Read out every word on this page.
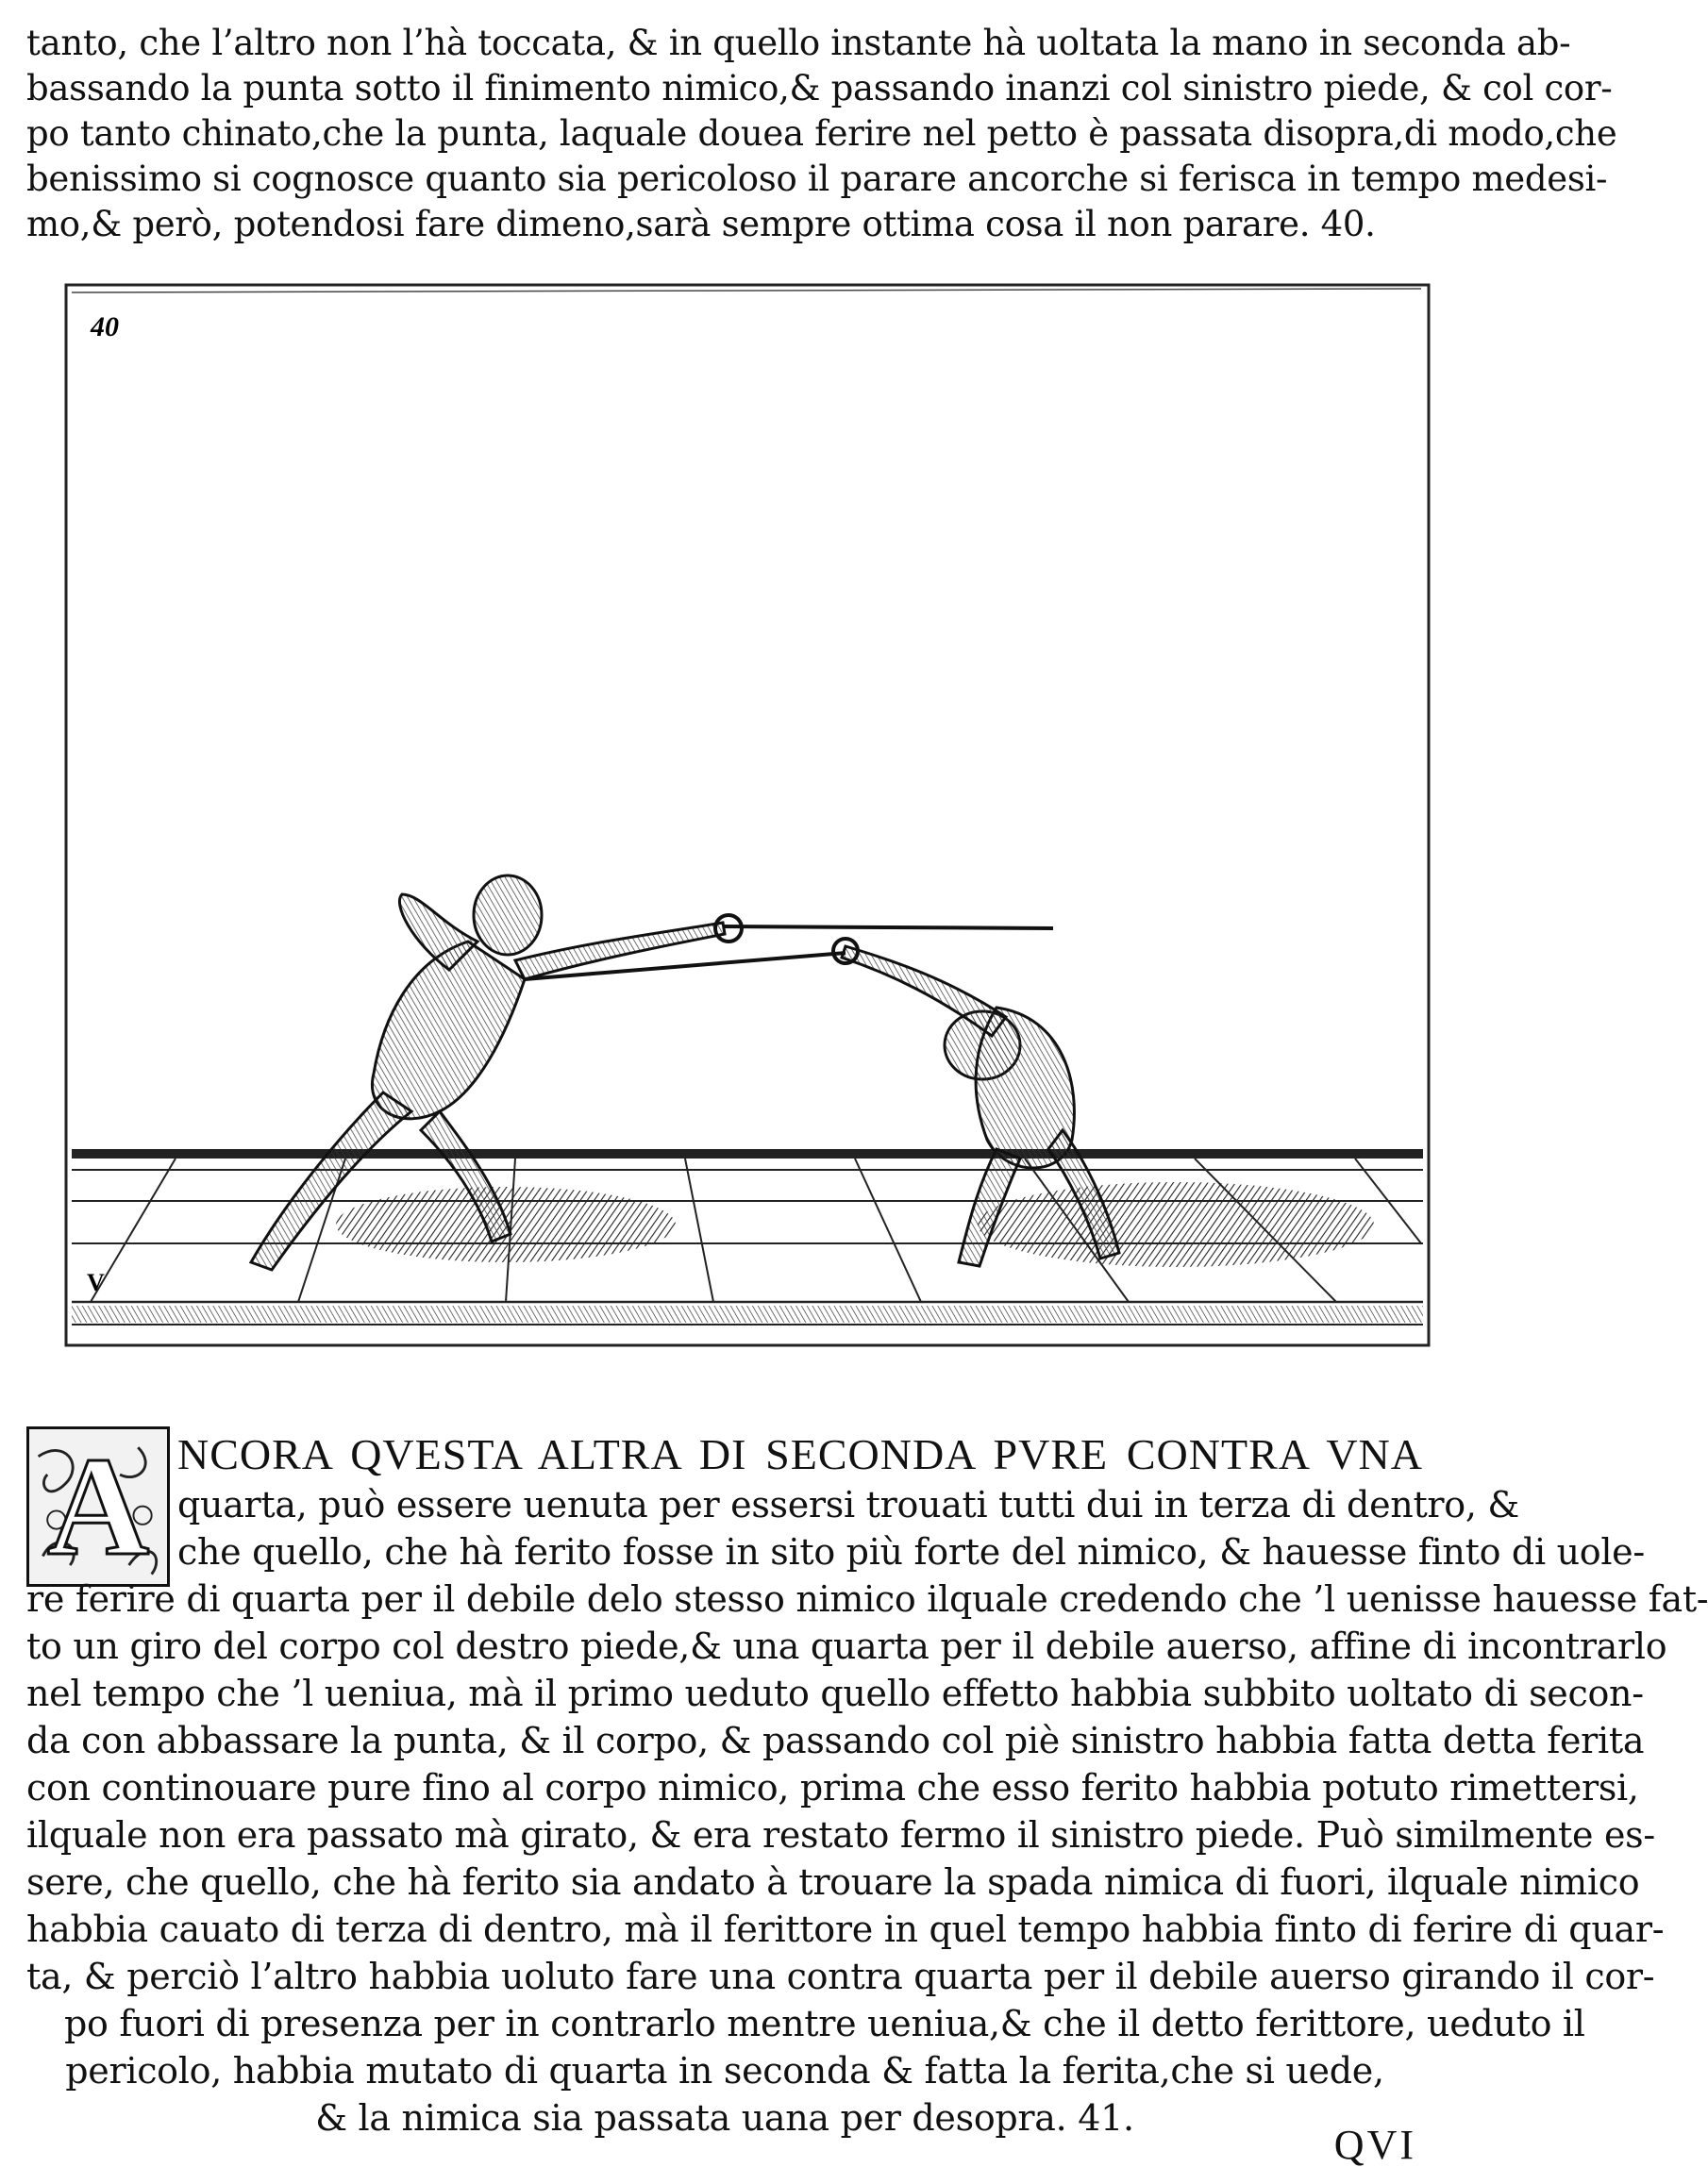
tanto, che l’altro non l’hà toccata, & in quello instante hà uoltata la mano in seconda ab-
bassando la punta sotto il finimento nimico,& passando inanzi col sinistro piede, & col cor-
po tanto chinato,che la punta, laquale douea ferire nel petto è passata disopra,di modo,che
benissimo si cognosce quanto sia pericoloso il parare ancorche si ferisca in tempo medesi-
mo,& però, potendosi fare dimeno,sarà sempre ottima cosa il non parare. 40.
40
V
A NCORA QVESTA ALTRA DI SECONDA PVRE CONTRA VNA
quarta, può essere uenuta per essersi trouati tutti dui in terza di dentro, &
che quello, che hà ferito fosse in sito più forte del nimico, & hauesse finto di uole-
re ferire di quarta per il debile delo stesso nimico ilquale credendo che ’l uenisse hauesse fat-
to un giro del corpo col destro piede,& una quarta per il debile auerso, affine di incontrarlo
nel tempo che ’l ueniua, mà il primo ueduto quello effetto habbia subbito uoltato di secon-
da con abbassare la punta, & il corpo, & passando col piè sinistro habbia fatta detta ferita
con continouare pure fino al corpo nimico, prima che esso ferito habbia potuto rimettersi,
ilquale non era passato mà girato, & era restato fermo il sinistro piede. Può similmente es-
sere, che quello, che hà ferito sia andato à trouare la spada nimica di fuori, ilquale nimico
habbia cauato di terza di dentro, mà il ferittore in quel tempo habbia finto di ferire di quar-
ta, & perciò l’altro habbia uoluto fare una contra quarta per il debile auerso girando il cor-
po fuori di presenza per in contrarlo mentre ueniua,& che il detto ferittore, ueduto il
pericolo, habbia mutato di quarta in seconda & fatta la ferita,che si uede,
& la nimica sia passata uana per desopra. 41.
QVI
